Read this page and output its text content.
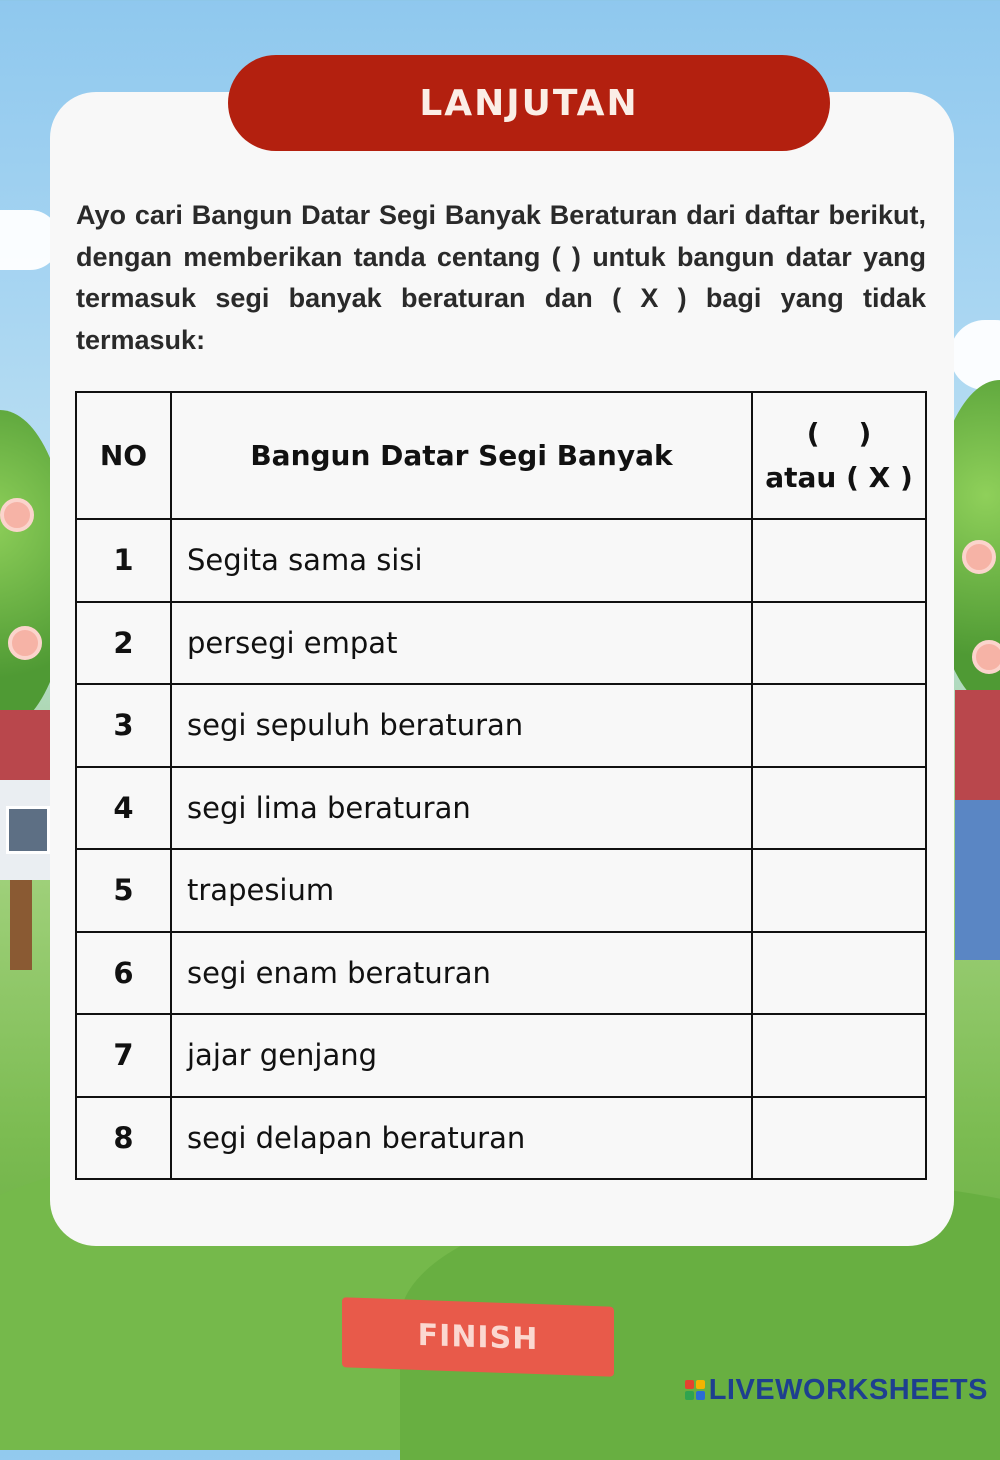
LANJUTAN

Ayo cari Bangun Datar Segi Banyak Beraturan dari daftar berikut, dengan memberikan tanda centang ( ) untuk bangun datar yang termasuk segi banyak beraturan dan ( X ) bagi yang tidak termasuk:

NO	Bangun Datar Segi Banyak	(    )
atau ( X )

1	Segita sama sisi	
2	persegi empat	
3	segi sepuluh beraturan	
4	segi lima beraturan	
5	trapesium	
6	segi enam beraturan	
7	jajar genjang	
8	segi delapan beraturan	
FINISH
LIVEWORKSHEETS
